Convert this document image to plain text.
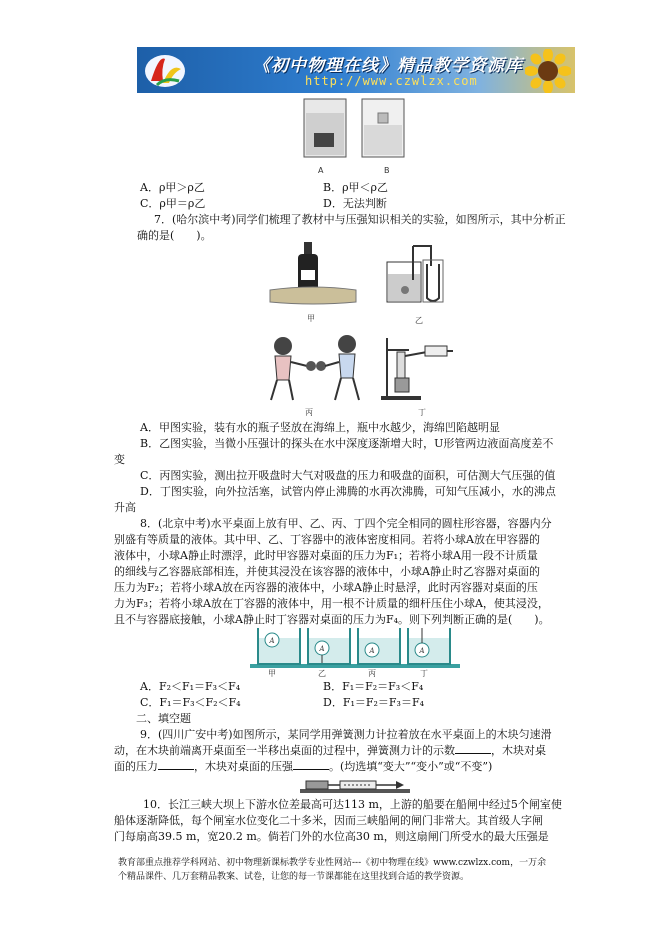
《初中物理在线》精品教学资源库
http://www.czwlzx.com
A	B
A．ρ甲＞ρ乙	B．ρ甲＜ρ乙
C．ρ甲＝ρ乙	D．无法判断
7．(哈尔滨中考)同学们梳理了教材中与压强知识相关的实验，如图所示，其中分析正
确的是(　　)。
甲	乙
丙	丁
A．甲图实验，装有水的瓶子竖放在海绵上，瓶中水越少，海绵凹陷越明显
B．乙图实验，当微小压强计的探头在水中深度逐渐增大时，U形管两边液面高度差不
变
C．丙图实验，测出拉开吸盘时大气对吸盘的压力和吸盘的面积，可估测大气压强的值
D．丁图实验，向外拉活塞，试管内停止沸腾的水再次沸腾，可知气压减小，水的沸点
升高
8．(北京中考)水平桌面上放有甲、乙、丙、丁四个完全相同的圆柱形容器，容器内分
别盛有等质量的液体。其中甲、乙、丁容器中的液体密度相同。若将小球A放在甲容器的
液体中，小球A静止时漂浮，此时甲容器对桌面的压力为F₁；若将小球A用一段不计质量
的细线与乙容器底部相连，并使其浸没在该容器的液体中，小球A静止时乙容器对桌面的
压力为F₂；若将小球A放在丙容器的液体中，小球A静止时悬浮，此时丙容器对桌面的压
力为F₃；若将小球A放在丁容器的液体中，用一根不计质量的细杆压住小球A，使其浸没，
且不与容器底接触，小球A静止时丁容器对桌面的压力为F₄。则下列判断正确的是(　　)。
A
A	A	A
甲	乙	丙	丁
A．F₂＜F₁＝F₃＜F₄	B．F₁＝F₂＝F₃＜F₄
C．F₁＝F₃＜F₂＜F₄	D．F₁＝F₂＝F₃＝F₄
二、填空题
9．(四川广安中考)如图所示，某同学用弹簧测力计拉着放在水平桌面上的木块匀速滑
动，在木块前端离开桌面至一半移出桌面的过程中，弹簧测力计的示数	，木块对桌
面的压力	，木块对桌面的压强	。(均选填“变大”“变小”或“不变”)
10．长江三峡大坝上下游水位差最高可达113 m，上游的船要在船闸中经过5个闸室使
船体逐渐降低，每个闸室水位变化二十多米，因而三峡船闸的闸门非常大。其首级人字闸
门每扇高39.5 m，宽20.2 m。倘若门外的水位高30 m，则这扇闸门所受水的最大压强是
教育部重点推荐学科网站、初中物理新课标教学专业性网站---《初中物理在线》www.czwlzx.com，一万余
个精品课件、几万套精品教案、试卷，让您的每一节课都能在这里找到合适的教学资源。
